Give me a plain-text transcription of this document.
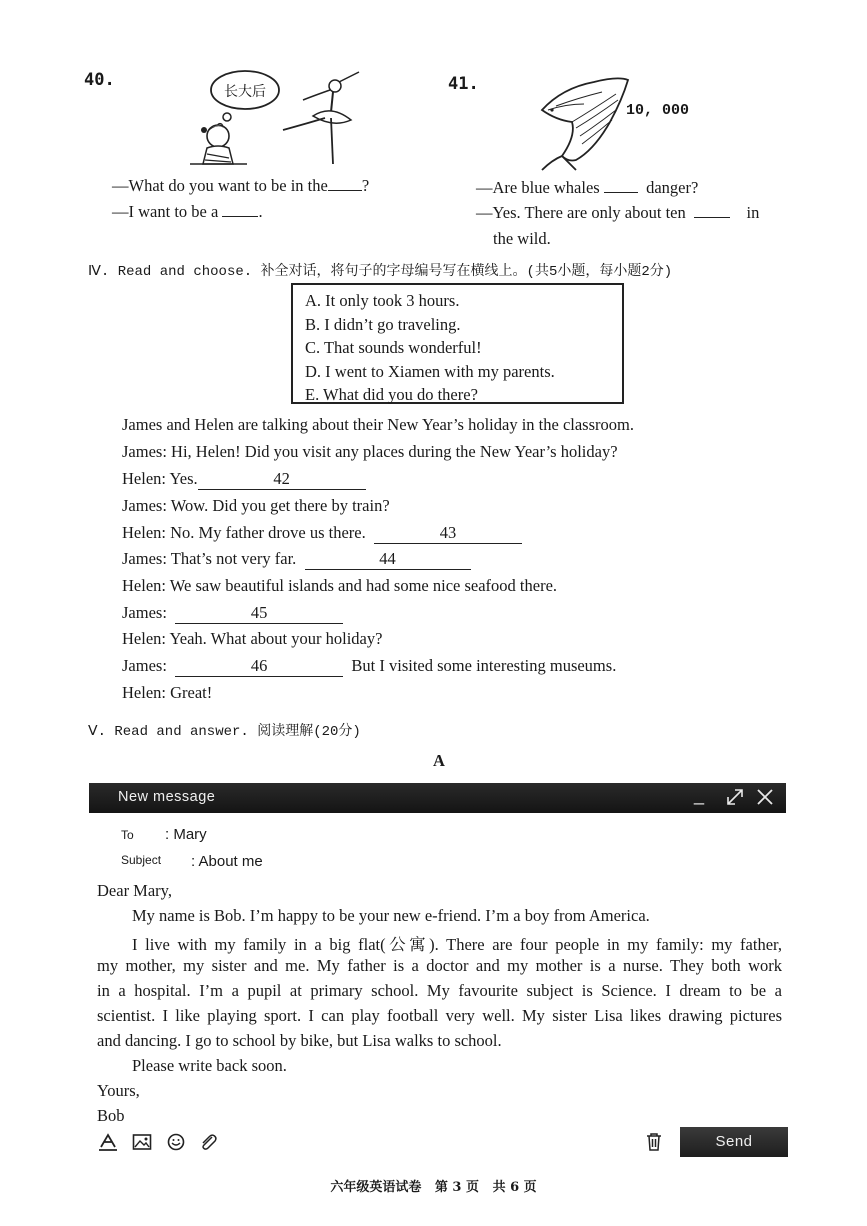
40.
长大后
—What do you want to be in the ?
—I want to be a .
41.
10, 000
—Are blue whales	danger?
—Yes. There are only about ten	in
the wild.
Ⅳ. Read and choose. 补全对话，将句子的字母编号写在横线上。(共5小题，每小题2分)
A. It only took 3 hours.
B. I didn’t go traveling.
C. That sounds wonderful!
D. I went to Xiamen with my parents.
E. What did you do there?
James and Helen are talking about their New Year’s holiday in the classroom.
James: Hi, Helen! Did you visit any places during the New Year’s holiday?
Helen: Yes.	42
James: Wow. Did you get there by train?
Helen: No. My father drove us there.	43
James: That’s not very far.	44
Helen: We saw beautiful islands and had some nice seafood there.
James:	45
Helen: Yeah. What about your holiday?
James:	46	But I visited some interesting museums.
Helen: Great!
Ⅴ. Read and answer. 阅读理解(20分)
A
New message	_
To : Mary
Subject : About me
Dear Mary,
My name is Bob. I’m happy to be your new e-friend. I’m a boy from America.
I live with my family in a big flat(公寓). There are four people in my family: my father,
my mother, my sister and me. My father is a doctor and my mother is a nurse. They both work
in a hospital. I’m a pupil at primary school. My favourite subject is Science. I dream to be a
scientist. I like playing sport. I can play football very well. My sister Lisa likes drawing pictures
and dancing. I go to school by bike, but Lisa walks to school.
Please write back soon.
Yours,
Bob
Send
六年级英语试卷   第 3 页   共 6 页
